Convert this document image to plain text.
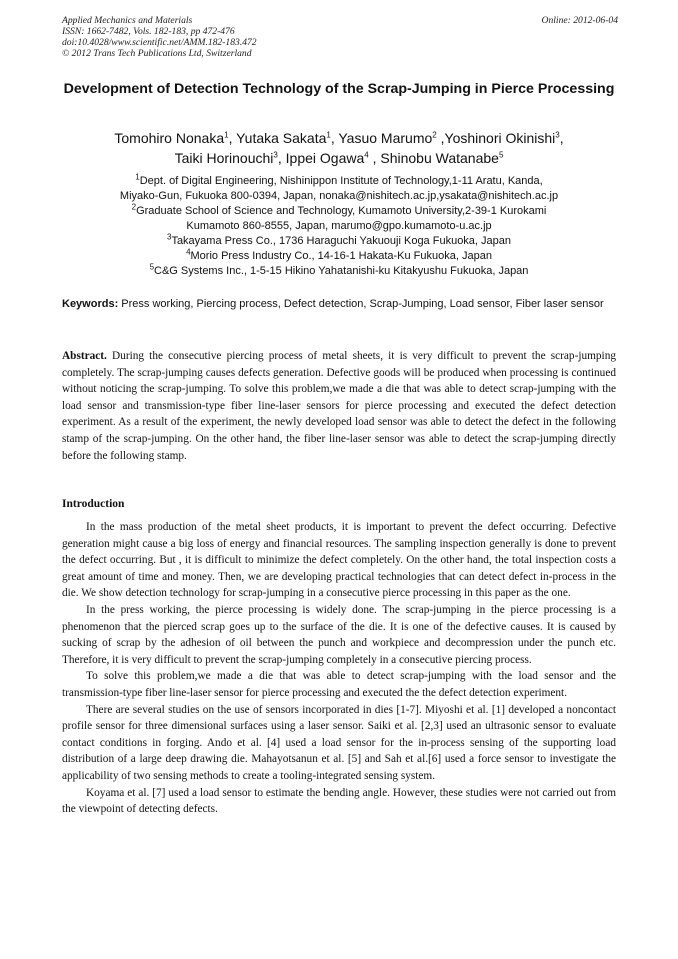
Applied Mechanics and Materials
ISSN: 1662-7482, Vols. 182-183, pp 472-476
doi:10.4028/www.scientific.net/AMM.182-183.472
© 2012 Trans Tech Publications Ltd, Switzerland
Online: 2012-06-04
Development of Detection Technology of the Scrap-Jumping in Pierce Processing
Tomohiro Nonaka$^1$, Yutaka Sakata$^1$, Yasuo Marumo$^2$ ,Yoshinori Okinishi$^3$,
Taiki Horinouchi$^3$, Ippei Ogawa$^4$ , Shinobu Watanabe$^5$
$^1$Dept. of Digital Engineering, Nishinippon Institute of Technology,1-11 Aratu, Kanda,
Miyako-Gun, Fukuoka 800-0394, Japan, nonaka@nishitech.ac.jp,ysakata@nishitech.ac.jp
$^2$Graduate School of Science and Technology, Kumamoto University,2-39-1 Kurokami
Kumamoto 860-8555, Japan, marumo@gpo.kumamoto-u.ac.jp
$^3$Takayama Press Co., 1736 Haraguchi Yakuouji Koga Fukuoka, Japan
$^4$Morio Press Industry Co., 14-16-1 Hakata-Ku Fukuoka, Japan
$^5$C&G Systems Inc., 1-5-15 Hikino Yahatanishi-ku Kitakyushu Fukuoka, Japan
Keywords: Press working, Piercing process, Defect detection, Scrap-Jumping, Load sensor, Fiber laser sensor
Abstract. During the consecutive piercing process of metal sheets, it is very difficult to prevent the scrap-jumping completely. The scrap-jumping causes defects generation. Defective goods will be produced when processing is continued without noticing the scrap-jumping. To solve this problem,we made a die that was able to detect scrap-jumping with the load sensor and transmission-type fiber line-laser sensors for pierce processing and executed the defect detection experiment. As a result of the experiment, the newly developed load sensor was able to detect the defect in the following stamp of the scrap-jumping. On the other hand, the fiber line-laser sensor was able to detect the scrap-jumping directly before the following stamp.
Introduction

In the mass production of the metal sheet products, it is important to prevent the defect occurring. Defective generation might cause a big loss of energy and financial resources. The sampling inspection generally is done to prevent the defect occurring. But , it is difficult to minimize the defect completely. On the other hand, the total inspection costs a great amount of time and money. Then, we are developing practical technologies that can detect defect in-process in the die. We show detection technology for scrap-jumping in a consecutive pierce processing in this paper as the one.

In the press working, the pierce processing is widely done. The scrap-jumping in the pierce processing is a phenomenon that the pierced scrap goes up to the surface of the die. It is one of the defective causes. It is caused by sucking of scrap by the adhesion of oil between the punch and workpiece and decompression under the punch etc. Therefore, it is very difficult to prevent the scrap-jumping completely in a consecutive piercing process.

To solve this problem,we made a die that was able to detect scrap-jumping with the load sensor and the transmission-type fiber line-laser sensor for pierce processing and executed the the defect detection experiment.

There are several studies on the use of sensors incorporated in dies [1-7]. Miyoshi et al. [1] developed a noncontact profile sensor for three dimensional surfaces using a laser sensor. Saiki et al. [2,3] used an ultrasonic sensor to evaluate contact conditions in forging. Ando et al. [4] used a load sensor for the in-process sensing of the supporting load distribution of a large deep drawing die. Mahayotsanun et al. [5] and Sah et al.[6] used a force sensor to investigate the applicability of two sensing methods to create a tooling-integrated sensing system.

Koyama et al. [7] used a load sensor to estimate the bending angle. However, these studies were not carried out from the viewpoint of detecting defects.
